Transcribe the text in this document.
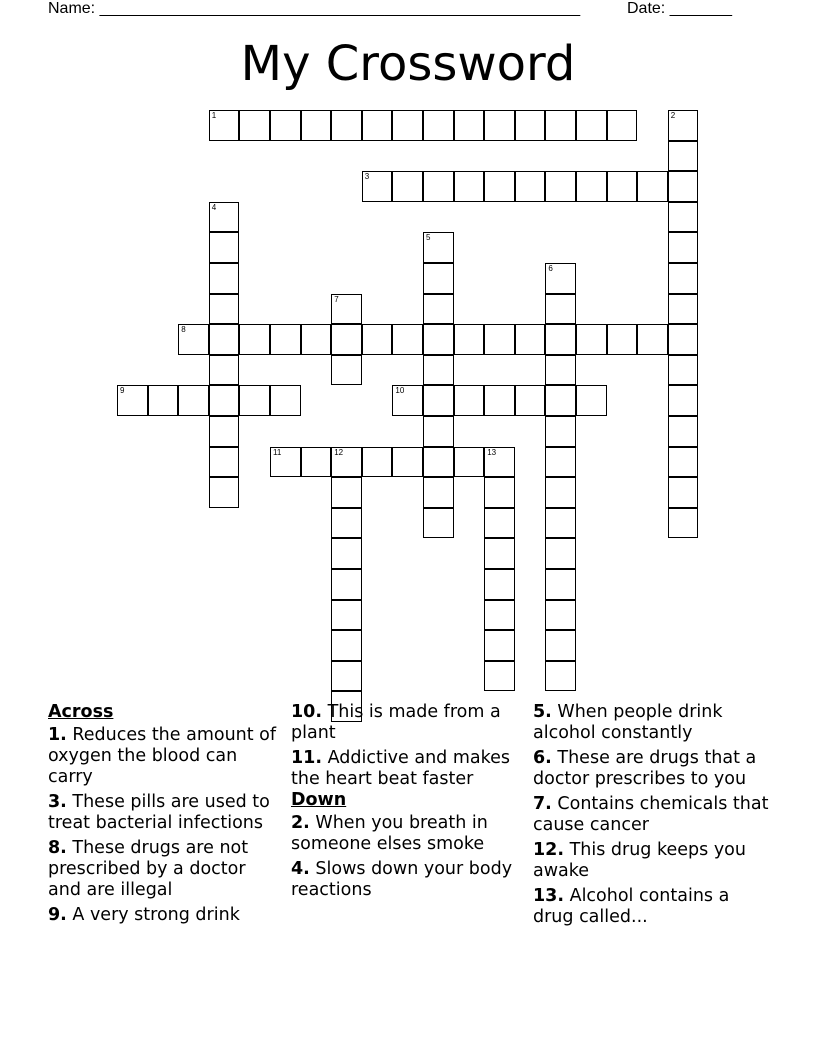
Name: ______________________________________________________	Date: _______
My Crossword
1	2
3
4
5
6
7
8
9	10
11	12	13
Across
1. Reduces the amount of oxygen the blood can carry
3. These pills are used to treat bacterial infections
8. These drugs are not prescribed by a doctor and are illegal
9. A very strong drink
10. This is made from a plant
11. Addictive and makes the heart beat faster
Down
2. When you breath in someone elses smoke
4. Slows down your body reactions
5. When people drink alcohol constantly
6. These are drugs that a doctor prescribes to you
7. Contains chemicals that cause cancer
12. This drug keeps you awake
13. Alcohol contains a drug called...
